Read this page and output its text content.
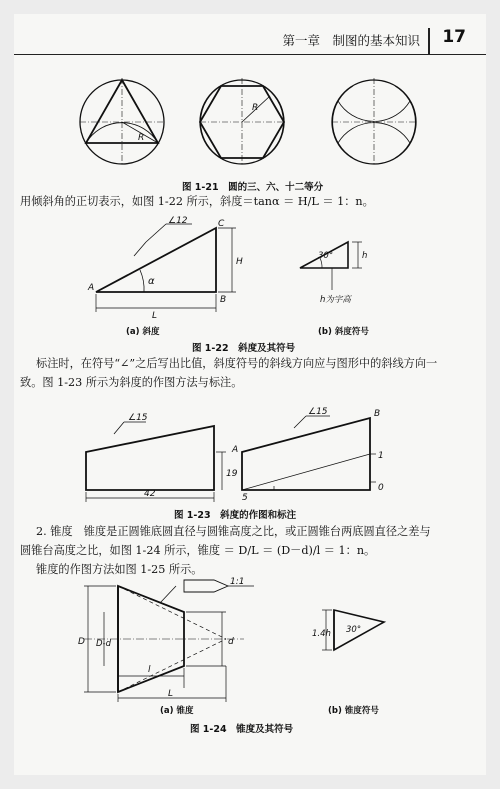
第一章　制图的基本知识 17
R
R
图 1-21　圆的三、六、十二等分
用倾斜角的正切表示，如图 1-22 所示，斜度＝tanα ＝ H/L ＝ 1：n。
A
B
C
H
L
α
∠12
30°	h
h为字高
(a) 斜度	(b) 斜度符号
图 1-22　斜度及其符号
标注时，在符号“∠”之后写出比值，斜度符号的斜线方向应与图形中的斜线方向一
致。图 1-23 所示为斜度的作图方法与标注。
19
42
∠15
∠15
A
B
1
0
5
图 1-23　斜度的作图和标注
2. 锥度　锥度是正圆锥底圆直径与圆锥高度之比，或正圆锥台两底圆直径之差与
圆锥台高度之比，如图 1-24 所示，锥度 ＝ D/L ＝ (D－d)/l ＝ 1：n。
锥度的作图方法如图 1-25 所示。
D D-d	d
l
L
1:1
30°
1.4h
(a) 锥度	(b) 锥度符号
图 1-24　锥度及其符号
